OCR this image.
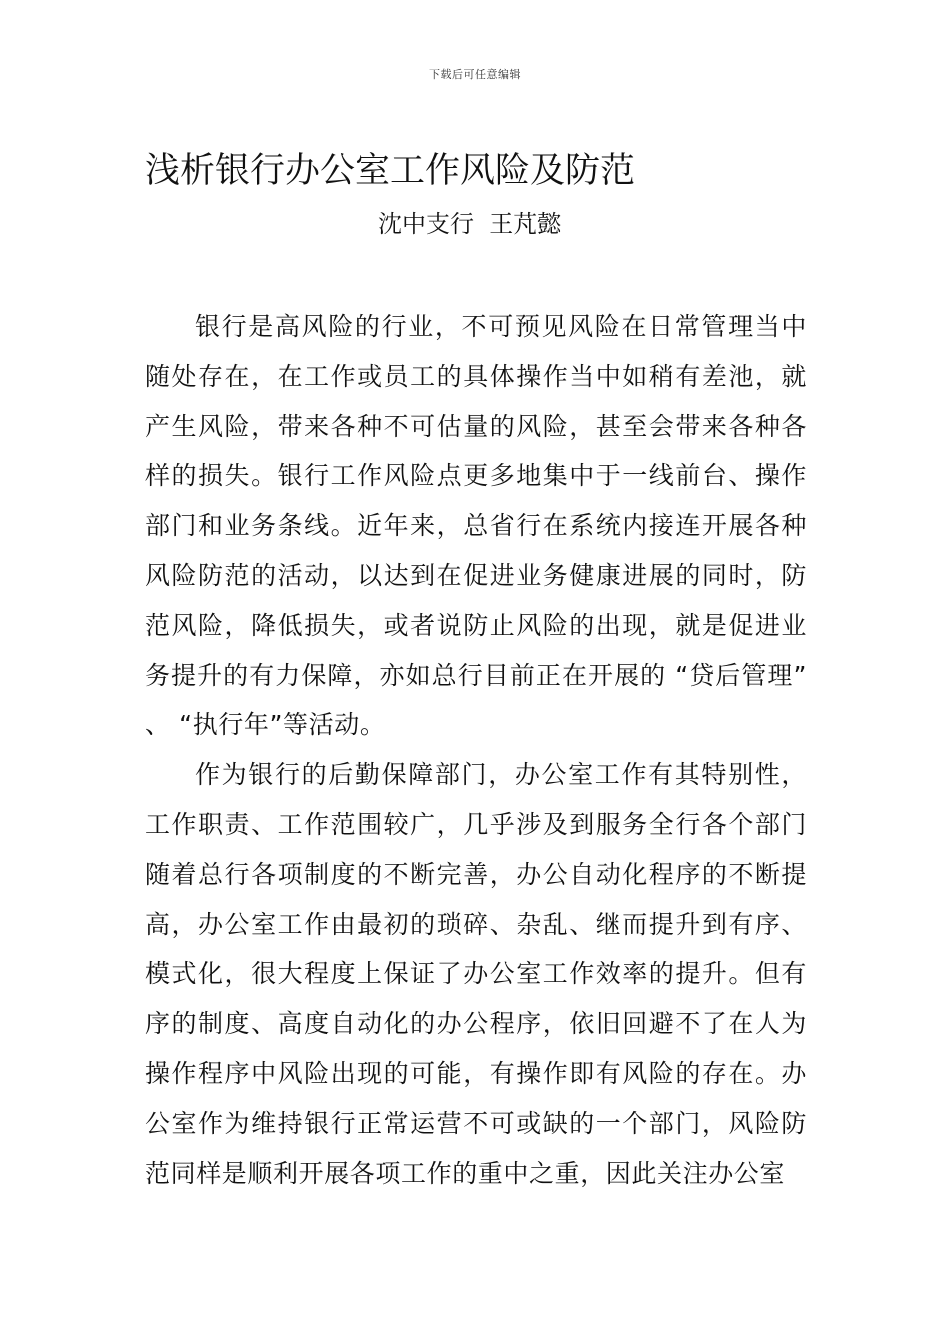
下载后可任意编辑
浅析银行办公室工作风险及防范
沈中支行  王芃懿

银行是高风险的行业，不可预见风险在日常管理当中随处存在，在工作或员工的具体操作当中如稍有差池，就产生风险，带来各种不可估量的风险，甚至会带来各种各样的损失。银行工作风险点更多地集中于一线前台、操作部门和业务条线。近年来，总省行在系统内接连开展各种风险防范的活动，以达到在促进业务健康进展的同时，防范风险，降低损失，或者说防止风险的出现，就是促进业务提升的有力保障，亦如总行目前正在开展的 “贷后管理” 、 “执行年”等活动。

作为银行的后勤保障部门，办公室工作有其特别性，工作职责、工作范围较广，几乎涉及到服务全行各个部门随着总行各项制度的不断完善，办公自动化程序的不断提高，办公室工作由最初的琐碎、杂乱、继而提升到有序、模式化，很大程度上保证了办公室工作效率的提升。但有序的制度、高度自动化的办公程序，依旧回避不了在人为操作程序中风险出现的可能，有操作即有风险的存在。办公室作为维持银行正常运营不可或缺的一个部门，风险防范同样是顺利开展各项工作的重中之重，因此关注办公室
